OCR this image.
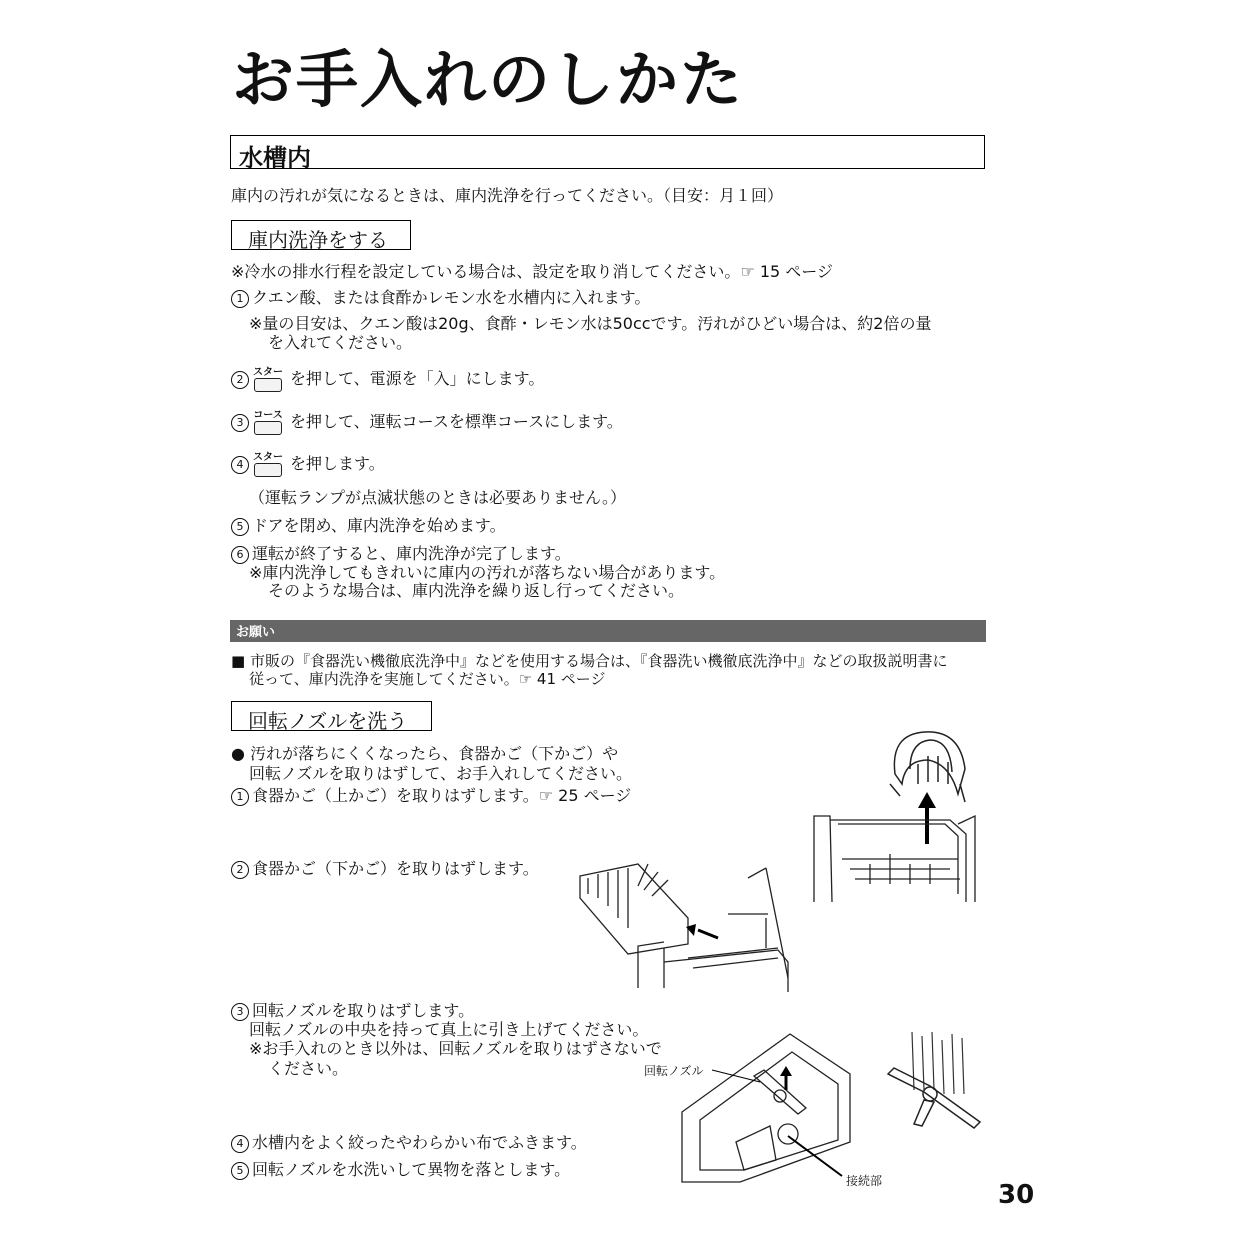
お手入れのしかた
水槽内
庫内の汚れが気になるときは、庫内洗浄を行ってください。（目安：月１回）
庫内洗浄をする
※冷水の排水行程を設定している場合は、設定を取り消してください。☞ 15 ページ
1 クエン酸、または食酢かレモン水を水槽内に入れます。
※量の目安は、クエン酸は20g、食酢・レモン水は50ccです。汚れがひどい場合は、約2倍の量
を入れてください。
2
スター を押して、電源を「入」にします。
3
コース を押して、運転コースを標準コースにします。
4
スター を押します。
（運転ランプが点滅状態のときは必要ありません。）
5 ドアを閉め、庫内洗浄を始めます。
6 運転が終了すると、庫内洗浄が完了します。
※庫内洗浄してもきれいに庫内の汚れが落ちない場合があります。
そのような場合は、庫内洗浄を繰り返し行ってください。
お願い
■ 市販の『食器洗い機徹底洗浄中』などを使用する場合は、『食器洗い機徹底洗浄中』などの取扱説明書に
従って、庫内洗浄を実施してください。☞ 41 ページ
回転ノズルを洗う
● 汚れが落ちにくくなったら、食器かご（下かご）や
回転ノズルを取りはずして、お手入れしてください。
1 食器かご（上かご）を取りはずします。☞ 25 ページ
2 食器かご（下かご）を取りはずします。
3 回転ノズルを取りはずします。
回転ノズルの中央を持って真上に引き上げてください。
※お手入れのとき以外は、回転ノズルを取りはずさないで
ください。
4 水槽内をよく絞ったやわらかい布でふきます。
5 回転ノズルを水洗いして異物を落とします。
回転ノズル
接続部	30
